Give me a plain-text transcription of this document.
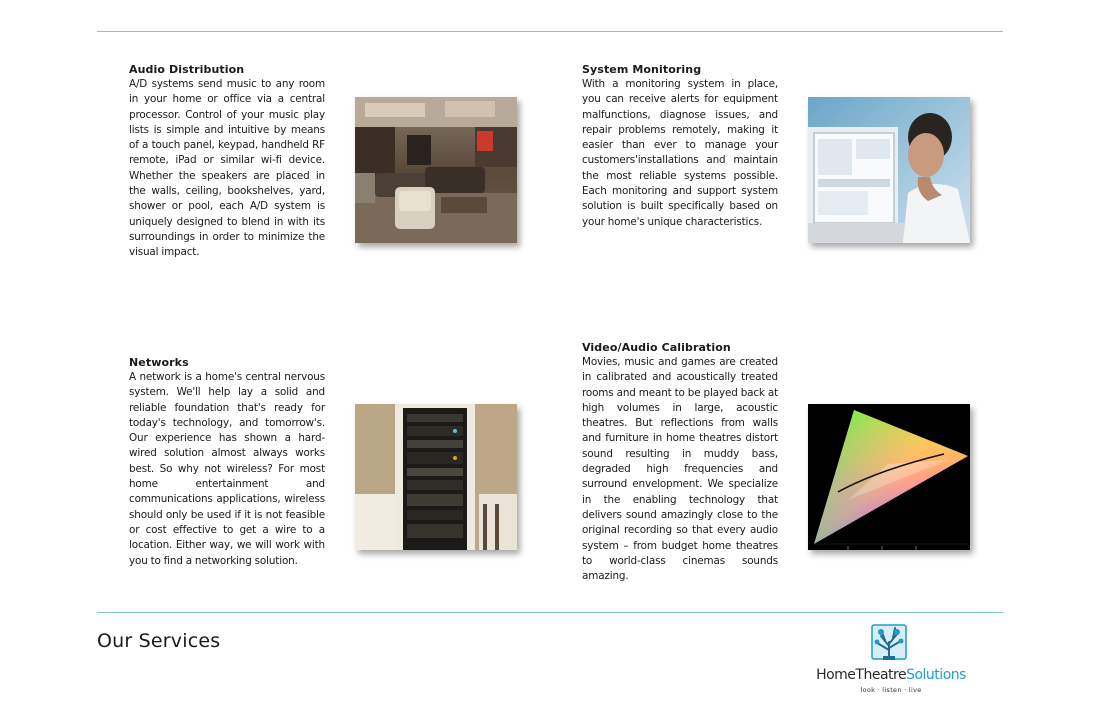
Audio Distribution

A/D systems send music to any room in your home or office via a central processor. Control of your music play lists is simple and intuitive by means of a touch panel, keypad, handheld RF remote, iPad or similar wi-fi device. Whether the speakers are placed in the walls, ceiling, bookshelves, yard, shower or pool, each A/D system is uniquely designed to blend in with its surroundings in order to minimize the visual impact.

System Monitoring

With a monitoring system in place, you can receive alerts for equipment malfunctions, diagnose issues, and repair problems remotely, making it easier than ever to manage your customers'installations and maintain the most reliable systems possible. Each monitoring and support system solution is built specifically based on your home's unique characteristics.

Networks

A network is a home's central nervous system. We'll help lay a solid and reliable foundation that's ready for today's technology, and tomorrow's. Our experience has shown a hard-wired solution almost always works best. So why not wireless? For most home entertainment and communications applications, wireless should only be used if it is not feasible or cost effective to get a wire to a location. Either way, we will work with you to find a networking solution.

Video/Audio Calibration

Movies, music and games are created in calibrated and acoustically treated rooms and meant to be played back at high volumes in large, acoustic theatres. But reflections from walls and furniture in home theatres distort sound resulting in muddy bass, degraded high frequencies and surround envelopment. We specialize in the enabling technology that delivers sound amazingly close to the original recording so that every audio system – from budget home theatres to world-class cinemas sounds amazing.

Our Services
HomeTheatreSolutions
look · listen · live
